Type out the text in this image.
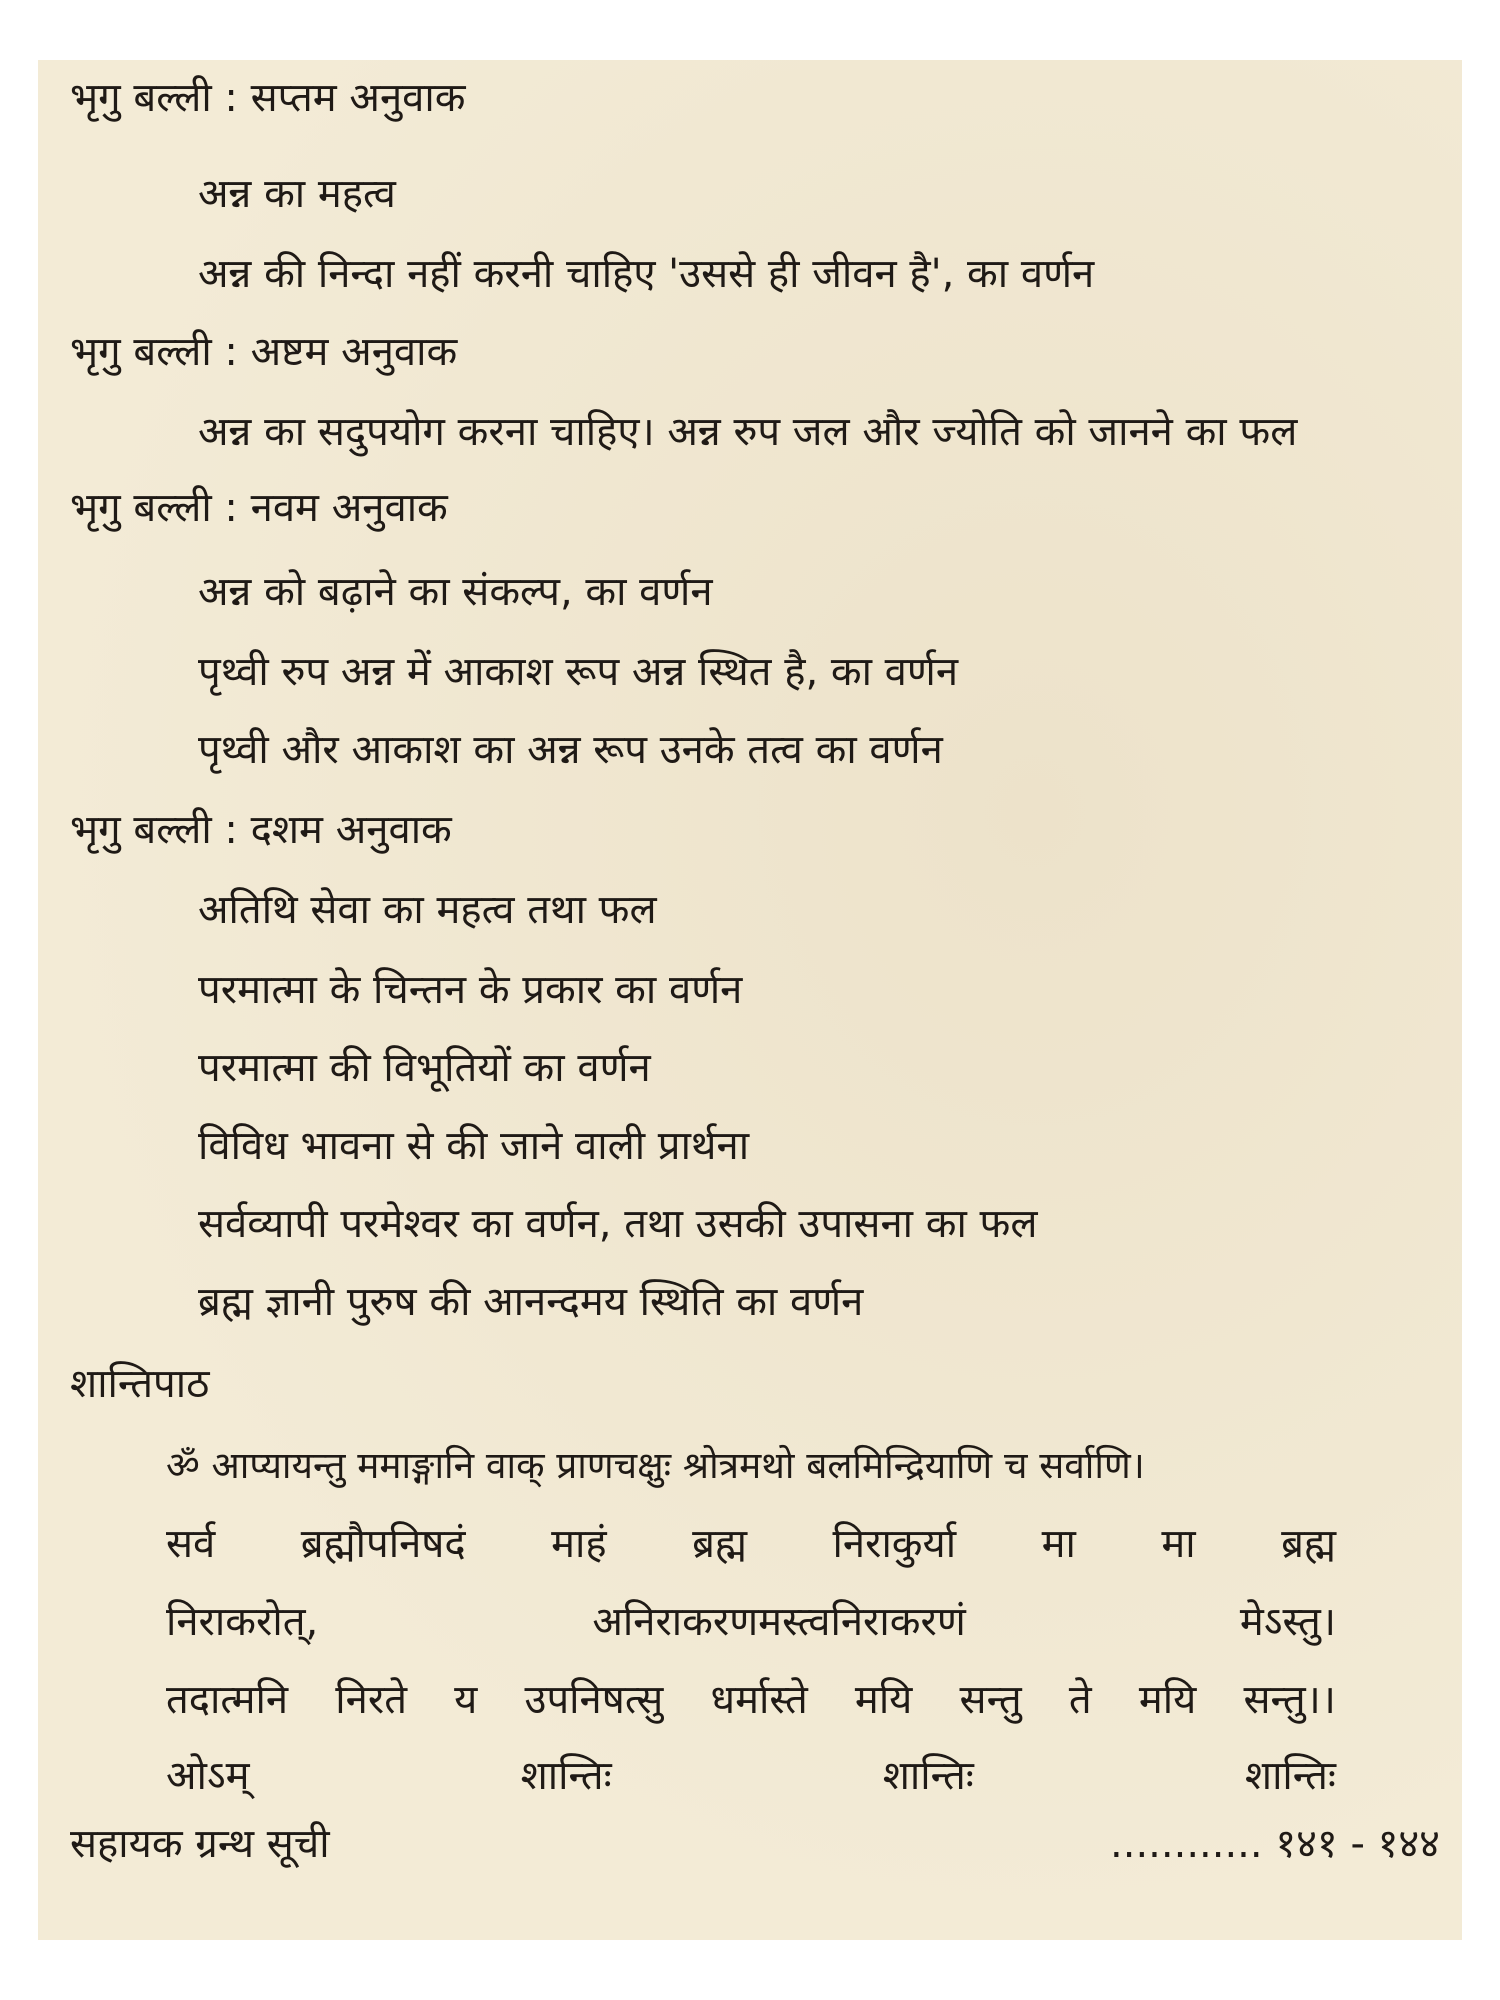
भृगु बल्ली : सप्तम अनुवाक
अन्न का महत्व
अन्न की निन्दा नहीं करनी चाहिए 'उससे ही जीवन है', का वर्णन
भृगु बल्ली : अष्टम अनुवाक
अन्न का सदुपयोग करना चाहिए। अन्न रुप जल और ज्योति को जानने का फल
भृगु बल्ली : नवम अनुवाक
अन्न को बढ़ाने का संकल्प, का वर्णन
पृथ्वी रुप अन्न में आकाश रूप अन्न स्थित है, का वर्णन
पृथ्वी और आकाश का अन्न रूप उनके तत्व का वर्णन
भृगु बल्ली : दशम अनुवाक
अतिथि सेवा का महत्व तथा फल
परमात्मा के चिन्तन के प्रकार का वर्णन
परमात्मा की विभूतियों का वर्णन
विविध भावना से की जाने वाली प्रार्थना
सर्वव्यापी परमेश्वर का वर्णन, तथा उसकी उपासना का फल
ब्रह्म ज्ञानी पुरुष की आनन्दमय स्थिति का वर्णन
शान्तिपाठ
ॐ आप्यायन्तु ममाङ्गानि वाक् प्राणचक्षुः श्रोत्रमथो बलमिन्द्रियाणि च सर्वाणि।
सर्व ब्रह्मौपनिषदं माहं ब्रह्म निराकुर्या मा मा ब्रह्म
निराकरोत्,	अनिराकरणमस्त्वनिराकरणं	मेऽस्तु।
तदात्मनि निरते य उपनिषत्सु धर्मास्ते मयि सन्तु ते मयि सन्तु।।
ओऽम्	शान्तिः	शान्तिः	शान्तिः
सहायक ग्रन्थ सूची	............ १४१ - १४४
